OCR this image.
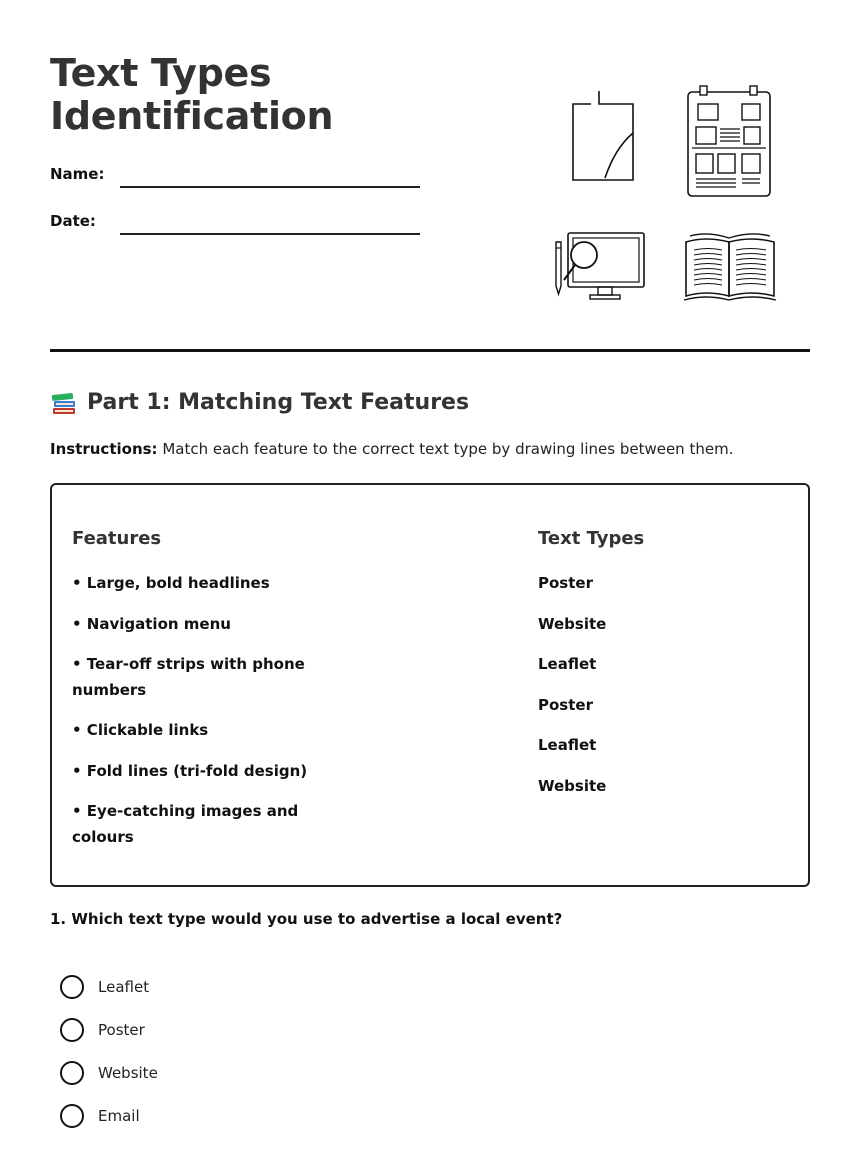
Text Types
Identification
Name:
Date:
Part 1: Matching Text Features
Instructions: Match each feature to the correct text type by drawing lines between them.
Features	Text Types
• Large, bold headlines
• Navigation menu
• Tear-off strips with phone numbers
• Clickable links
• Fold lines (tri-fold design)
• Eye-catching images and colours
Poster
Website
Leaflet
Poster
Leaflet
Website
1. Which text type would you use to advertise a local event?
Leaflet
Poster
Website
Email
